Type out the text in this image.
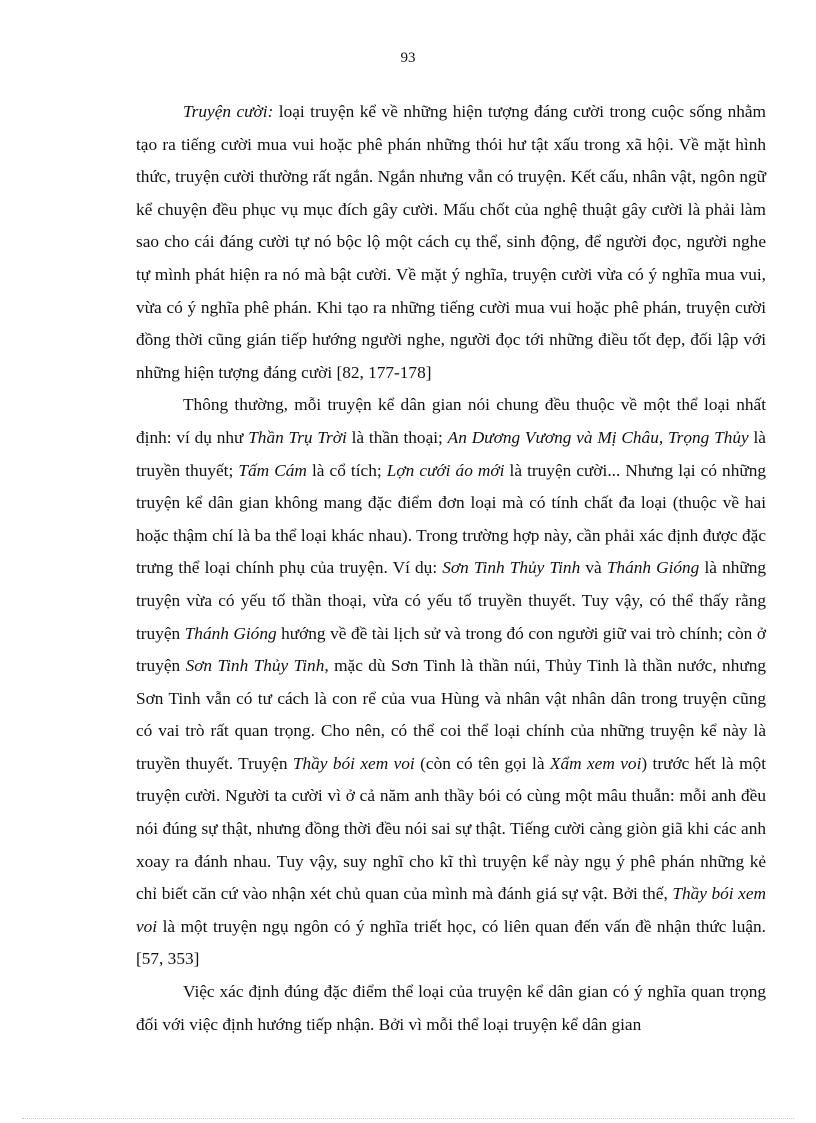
93

Truyện cười: loại truyện kể về những hiện tượng đáng cười trong cuộc sống nhằm tạo ra tiếng cười mua vui hoặc phê phán những thói hư tật xấu trong xã hội. Về mặt hình thức, truyện cười thường rất ngắn. Ngắn nhưng vẫn có truyện. Kết cấu, nhân vật, ngôn ngữ kể chuyện đều phục vụ mục đích gây cười. Mấu chốt của nghệ thuật gây cười là phải làm sao cho cái đáng cười tự nó bộc lộ một cách cụ thể, sinh động, để người đọc, người nghe tự mình phát hiện ra nó mà bật cười. Về mặt ý nghĩa, truyện cười vừa có ý nghĩa mua vui, vừa có ý nghĩa phê phán. Khi tạo ra những tiếng cười mua vui hoặc phê phán, truyện cười đồng thời cũng gián tiếp hướng người nghe, người đọc tới những điều tốt đẹp, đối lập với những hiện tượng đáng cười [82, 177-178]

Thông thường, mỗi truyện kể dân gian nói chung đều thuộc về một thể loại nhất định: ví dụ như Thần Trụ Trời là thần thoại; An Dương Vương và Mị Châu, Trọng Thủy là truyền thuyết; Tấm Cám là cổ tích; Lợn cưới áo mới là truyện cười... Nhưng lại có những truyện kể dân gian không mang đặc điểm đơn loại mà có tính chất đa loại (thuộc về hai hoặc thậm chí là ba thể loại khác nhau). Trong trường hợp này, cần phải xác định được đặc trưng thể loại chính phụ của truyện. Ví dụ: Sơn Tinh Thủy Tinh và Thánh Gióng là những truyện vừa có yếu tố thần thoại, vừa có yếu tố truyền thuyết. Tuy vậy, có thể thấy rằng truyện Thánh Gióng hướng về đề tài lịch sử và trong đó con người giữ vai trò chính; còn ở truyện Sơn Tinh Thủy Tinh, mặc dù Sơn Tinh là thần núi, Thủy Tinh là thần nước, nhưng Sơn Tinh vẫn có tư cách là con rể của vua Hùng và nhân vật nhân dân trong truyện cũng có vai trò rất quan trọng. Cho nên, có thể coi thể loại chính của những truyện kể này là truyền thuyết. Truyện Thầy bói xem voi (còn có tên gọi là Xẩm xem voi) trước hết là một truyện cười. Người ta cười vì ở cả năm anh thầy bói có cùng một mâu thuẫn: mỗi anh đều nói đúng sự thật, nhưng đồng thời đều nói sai sự thật. Tiếng cười càng giòn giã khi các anh xoay ra đánh nhau. Tuy vậy, suy nghĩ cho kĩ thì truyện kể này ngụ ý phê phán những kẻ chỉ biết căn cứ vào nhận xét chủ quan của mình mà đánh giá sự vật. Bởi thế, Thầy bói xem voi là một truyện ngụ ngôn có ý nghĩa triết học, có liên quan đến vấn đề nhận thức luận. [57, 353]

Việc xác định đúng đặc điểm thể loại của truyện kể dân gian có ý nghĩa quan trọng đối với việc định hướng tiếp nhận. Bởi vì mỗi thể loại truyện kể dân gian
